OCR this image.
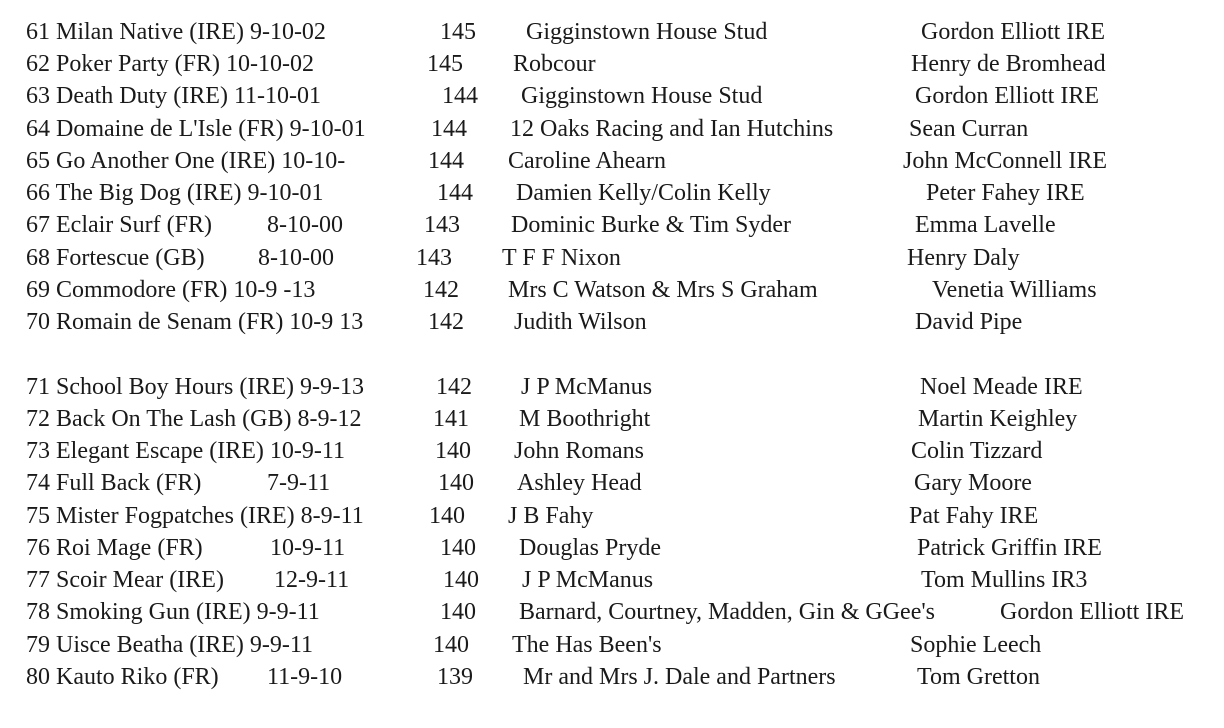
61 Milan Native (IRE) 9-10-02	145 Gigginstown House Stud	Gordon Elliott IRE
62 Poker Party (FR) 10-10-02	145 Robcour	Henry de Bromhead
63 Death Duty (IRE) 11-10-01	144 Gigginstown House Stud	Gordon Elliott IRE
64 Domaine de L'Isle (FR) 9-10-01	144 12 Oaks Racing and Ian Hutchins	Sean Curran
65 Go Another One (IRE) 10-10-	144 Caroline Ahearn	John McConnell IRE
66 The Big Dog (IRE) 9-10-01	144 Damien Kelly/Colin Kelly	Peter Fahey IRE
67 Eclair Surf (FR) 8-10-00	143 Dominic Burke & Tim Syder	Emma Lavelle
68 Fortescue (GB) 8-10-00	143 T F F Nixon	Henry Daly
69 Commodore (FR) 10-9 -13	142 Mrs C Watson & Mrs S Graham	Venetia Williams
70 Romain de Senam (FR) 10-9 13	142 Judith Wilson	David Pipe
71 School Boy Hours (IRE) 9-9-13	142 J P McManus	Noel Meade IRE
72 Back On The Lash (GB) 8-9-12	141 M Boothright	Martin Keighley
73 Elegant Escape (IRE) 10-9-11	140 John Romans	Colin Tizzard
74 Full Back (FR)	7-9-11	140 Ashley Head	Gary Moore
75 Mister Fogpatches (IRE) 8-9-11	140 J B Fahy	Pat Fahy IRE
76 Roi Mage (FR)	10-9-11	140 Douglas Pryde	Patrick Griffin IRE
77 Scoir Mear (IRE) 12-9-11	140 J P McManus	Tom Mullins IR3
78 Smoking Gun (IRE) 9-9-11	140 Barnard, Courtney, Madden, Gin & GGee's	Gordon Elliott IRE
79 Uisce Beatha (IRE) 9-9-11	140 The Has Been's	Sophie Leech
80 Kauto Riko (FR) 11-9-10	139 Mr and Mrs J. Dale and Partners	Tom Gretton
